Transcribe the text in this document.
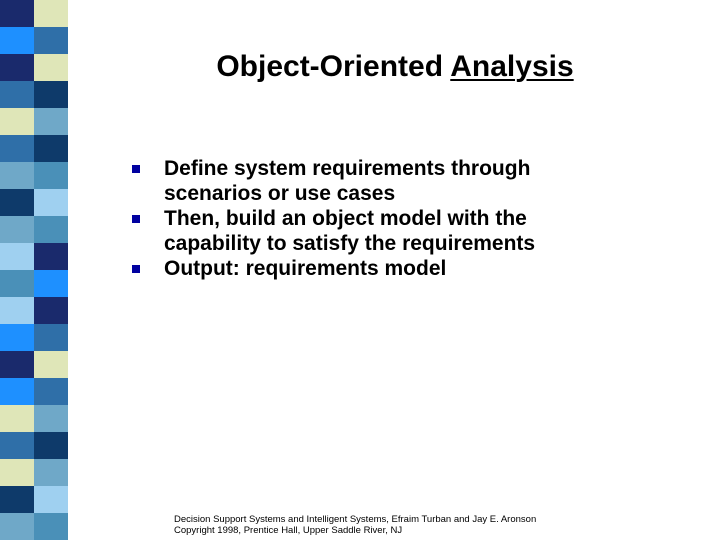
Object-Oriented Analysis
Define system requirements through scenarios or use cases
Then, build an object model with the capability to satisfy the requirements
Output: requirements model
Decision Support Systems and Intelligent Systems, Efraim Turban and Jay E. Aronson
Copyright 1998, Prentice Hall, Upper Saddle River, NJ
